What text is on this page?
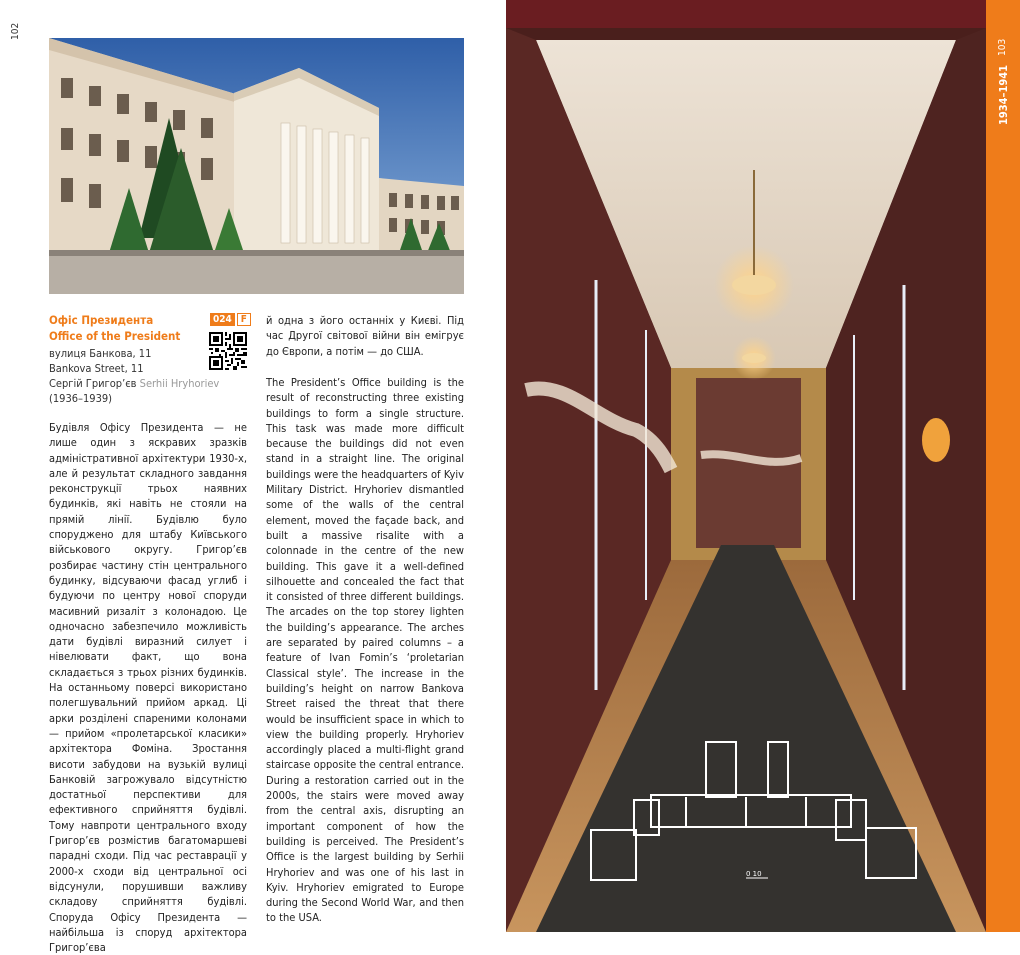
102
Офіс Президента
Office of the President
вулиця Банкова, 11
Bankova Street, 11
Сергій Григор’єв Serhii Hryhoriev
(1936–1939)
024 F
Будівля Офісу Президента — не лише один з яскравих зразків адміністративної архітектури 1930-х, але й результат складного завдання реконструкції трьох наявних будинків, які навіть не стояли на прямій лінії. Будівлю було споруджено для штабу Київського військового округу. Григор’єв розбирає частину стін центрального будинку, відсуваючи фасад углиб і будуючи по центру нової споруди масивний ризаліт з колонадою. Це одночасно забезпечило можливість дати будівлі виразний силует і нівелювати факт, що вона складається з трьох різних будинків. На останньому поверсі використано полегшувальний прийом аркад. Ці арки розділені спареними колонами — прийом «пролетарської класики» архітектора Фоміна. Зростання висоти забудови на вузькій вулиці Банковій загрожувало відсутністю достатньої перспективи для ефективного сприйняття будівлі. Тому навпроти центрального входу Григор’єв розмістив багатомаршеві парадні сходи. Під час реставрації у 2000-х сходи від центральної осі відсунули, порушивши важливу складову сприйняття будівлі. Споруда Офісу Президента — найбільша із споруд архітектора Григор’єва
й одна з його останніх у Києві. Під час Другої світової війни він емігрує до Європи, а потім — до США.
The President’s Office building is the result of reconstructing three existing buildings to form a single structure. This task was made more difficult because the buildings did not even stand in a straight line. The original buildings were the headquarters of Kyiv Military District. Hryhoriev dismantled some of the walls of the central element, moved the façade back, and built a massive risalite with a colonnade in the centre of the new building. This gave it a well-defined silhouette and concealed the fact that it consisted of three different buildings. The arcades on the top storey lighten the building’s appearance. The arches are separated by paired columns – a feature of Ivan Fomin’s ‘proletarian Classical style’. The increase in the building’s height on narrow Bankova Street raised the threat that there would be insufficient space in which to view the building properly. Hryhoriev accordingly placed a multi-flight grand staircase opposite the central entrance. During a restoration carried out in the 2000s, the stairs were moved away from the central axis, disrupting an important component of how the building is perceived. The President’s Office is the largest building by Serhii Hryhoriev and was one of his last in Kyiv. Hryhoriev emigrated to Europe during the Second World War, and then to the USA.
0 10
103
1934–1941
